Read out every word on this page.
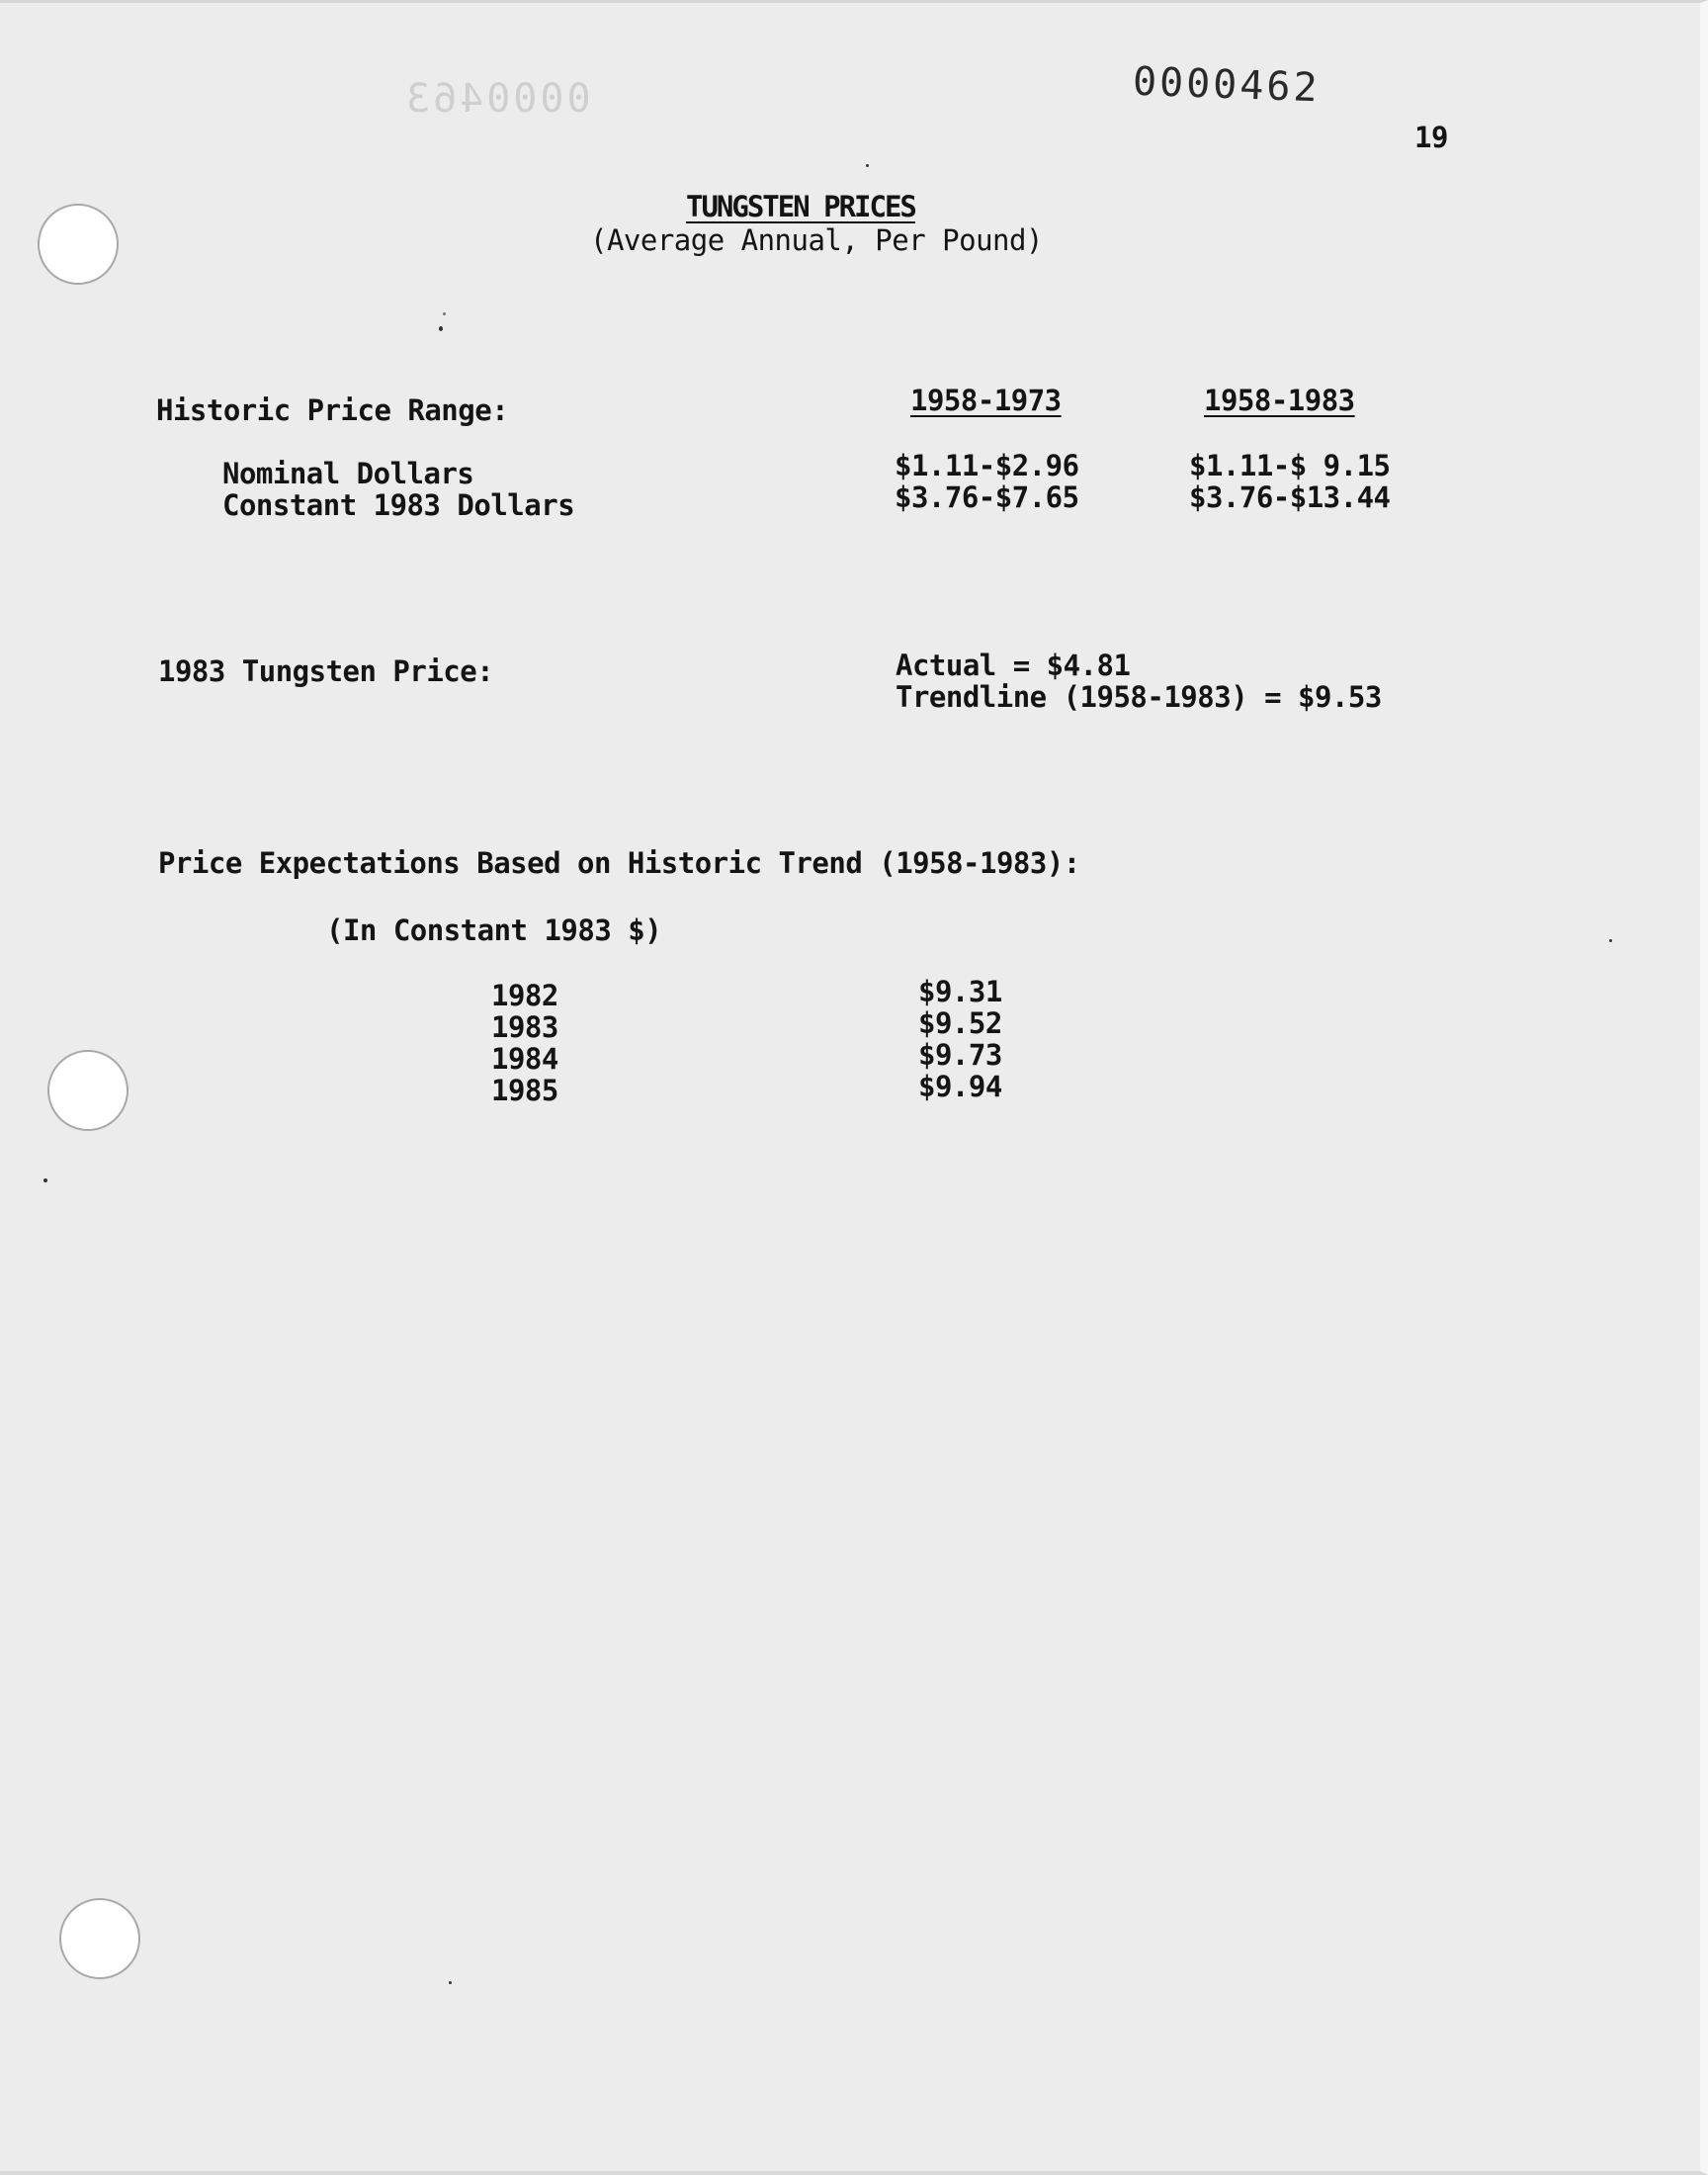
0000463	0000462
19
TUNGSTEN PRICES
(Average Annual, Per Pound)
Historic Price Range:	1958-1973	1958-1983
Nominal Dollars	$1.11-$2.96	$1.11-$ 9.15
Constant 1983 Dollars	$3.76-$7.65	$3.76-$13.44
1983 Tungsten Price:	Actual = $4.81
Trendline (1958-1983) = $9.53
Price Expectations Based on Historic Trend (1958-1983):
(In Constant 1983 $)
1982	$9.31
1983	$9.52
1984	$9.73
1985	$9.94
